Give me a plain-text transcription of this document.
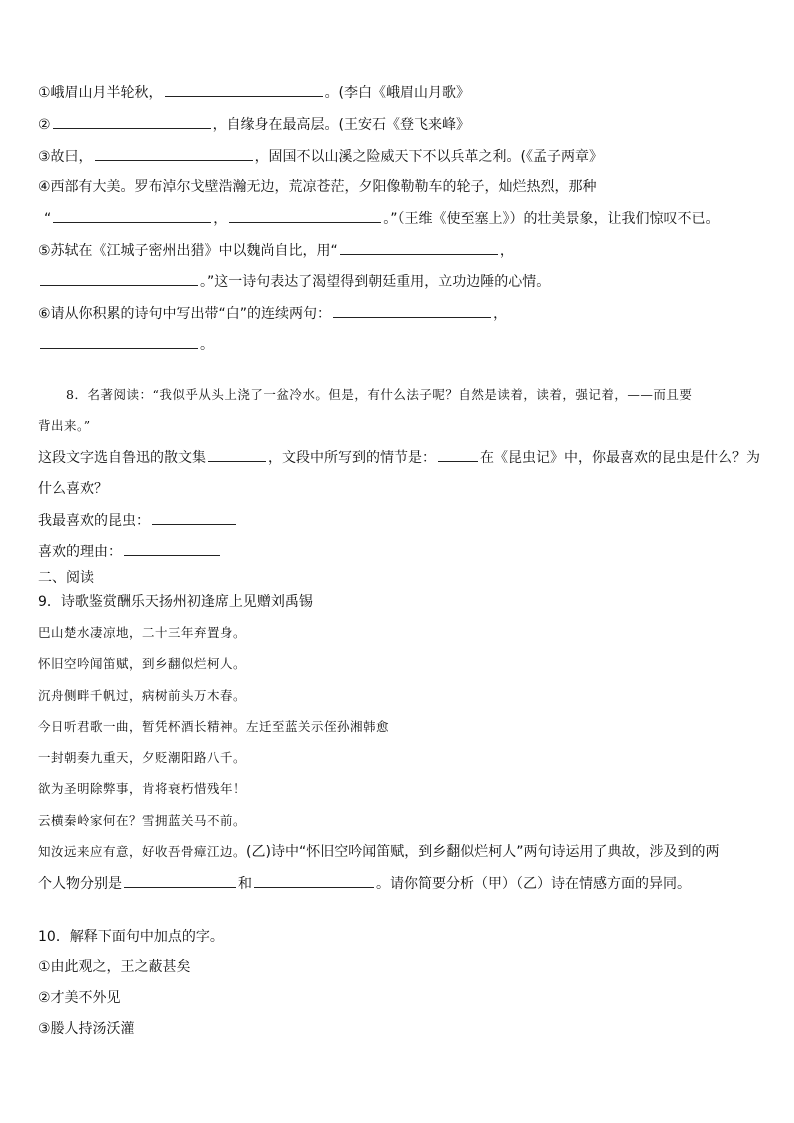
①峨眉山月半轮秋，	。(李白《峨眉山月歌》
②	，自缘身在最高层。(王安石《登飞来峰》
③故曰，	，固国不以山溪之险威天下不以兵革之利。(《孟子两章》
④西部有大美。罗布淖尔戈壁浩瀚无边，荒凉苍茫，夕阳像勒勒车的轮子，灿烂热烈，那种
“	，	。”（王维《使至塞上》）的壮美景象，让我们惊叹不已。
⑤苏轼在《江城子密州出猎》中以魏尚自比，用“	，
。”这一诗句表达了渴望得到朝廷重用，立功边陲的心情。
⑥请从你积累的诗句中写出带“白”的连续两句：	，
。
8．名著阅读：“我似乎从头上浇了一盆冷水。但是，有什么法子呢？自然是读着，读着，强记着，——而且要
背出来。”
这段文字选自鲁迅的散文集	，文段中所写到的情节是：	在《昆虫记》中，你最喜欢的昆虫是什么？为
什么喜欢？
我最喜欢的昆虫：
喜欢的理由：
二、阅读
9．诗歌鉴赏酬乐天扬州初逢席上见赠刘禹锡
巴山楚水凄凉地，二十三年弃置身。
怀旧空吟闻笛赋，到乡翻似烂柯人。
沉舟侧畔千帆过，病树前头万木春。
今日听君歌一曲，暂凭杯酒长精神。左迁至蓝关示侄孙湘韩愈
一封朝奏九重天，夕贬潮阳路八千。
欲为圣明除弊事，肯将衰朽惜残年！
云横秦岭家何在？雪拥蓝关马不前。
知汝远来应有意，好收吾骨瘴江边。(乙)诗中“怀旧空吟闻笛赋，到乡翻似烂柯人”两句诗运用了典故，涉及到的两
个人物分别是	和	。请你简要分析（甲）（乙）诗在情感方面的异同。
10．解释下面句中加点的字。
①由此观之，王之蔽甚矣
②才美不外见
③媵人持汤沃灌
